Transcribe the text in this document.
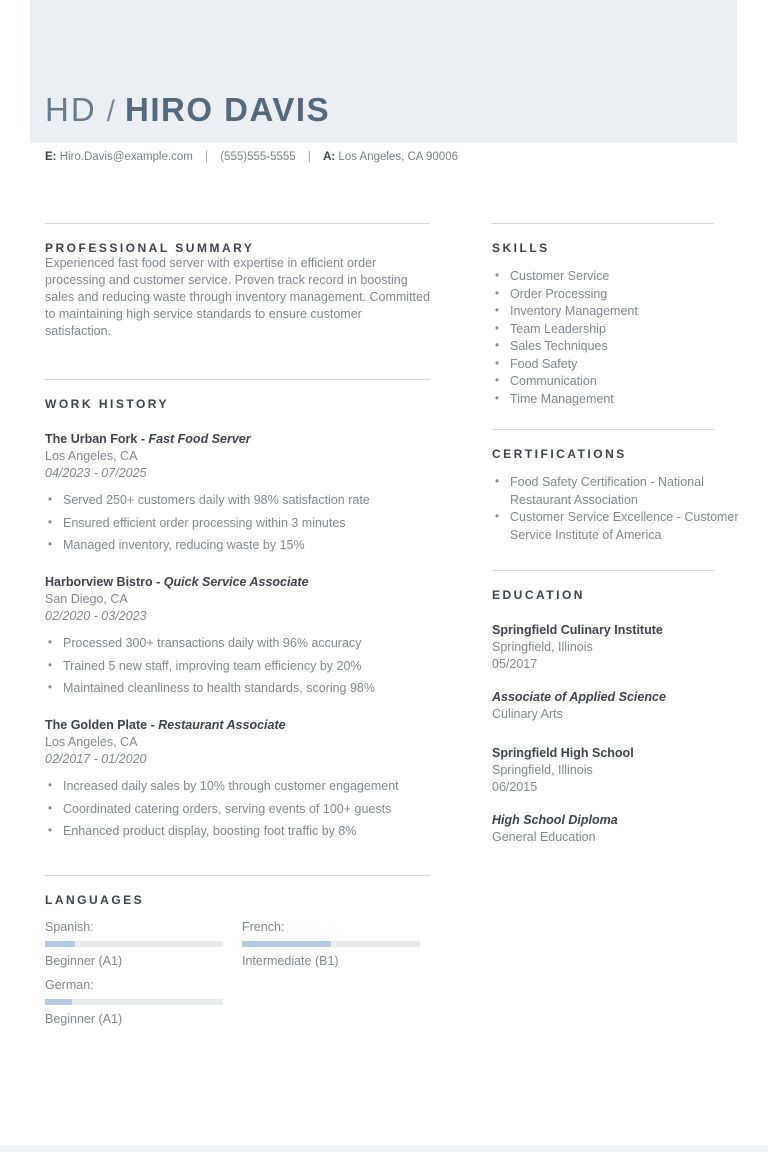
HD / HIRO DAVIS
E: Hiro.Davis@example.com | (555)555-5555 | A: Los Angeles, CA 90006
PROFESSIONAL SUMMARY

Experienced fast food server with expertise in efficient order processing and customer service. Proven track record in boosting sales and reducing waste through inventory management. Committed to maintaining high service standards to ensure customer satisfaction.

WORK HISTORY
The Urban Fork - Fast Food Server
Los Angeles, CA
04/2023 - 07/2025
• Served 250+ customers daily with 98% satisfaction rate
• Ensured efficient order processing within 3 minutes
• Managed inventory, reducing waste by 15%
Harborview Bistro - Quick Service Associate
San Diego, CA
02/2020 - 03/2023
• Processed 300+ transactions daily with 96% accuracy
• Trained 5 new staff, improving team efficiency by 20%
• Maintained cleanliness to health standards, scoring 98%
The Golden Plate - Restaurant Associate
Los Angeles, CA
02/2017 - 01/2020
• Increased daily sales by 10% through customer engagement
• Coordinated catering orders, serving events of 100+ guests
• Enhanced product display, boosting foot traffic by 8%
LANGUAGES
Spanish:
Beginner (A1)
French:
Intermediate (B1)
German:
Beginner (A1)
SKILLS
• Customer Service
• Order Processing
• Inventory Management
• Team Leadership
• Sales Techniques
• Food Safety
• Communication
• Time Management
CERTIFICATIONS
• Food Safety Certification - National Restaurant Association
• Customer Service Excellence - Customer Service Institute of America
EDUCATION
Springfield Culinary Institute
Springfield, Illinois
05/2017
Associate of Applied Science
Culinary Arts
Springfield High School
Springfield, Illinois
06/2015
High School Diploma
General Education
